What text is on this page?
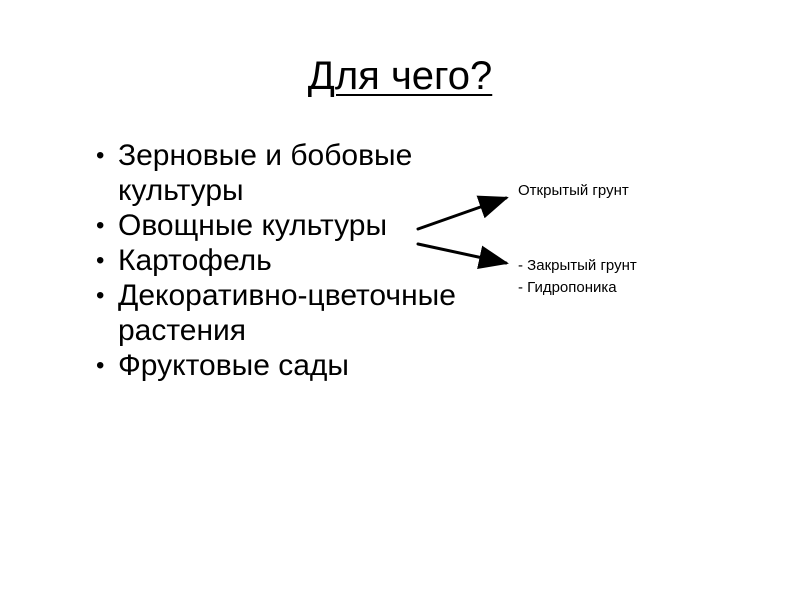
Для чего?
• Зерновые и бобовые культуры
• Овощные культуры
• Картофель
• Декоративно-цветочные растения
• Фруктовые сады
Открытый грунт
- Закрытый грунт
- Гидропоника
